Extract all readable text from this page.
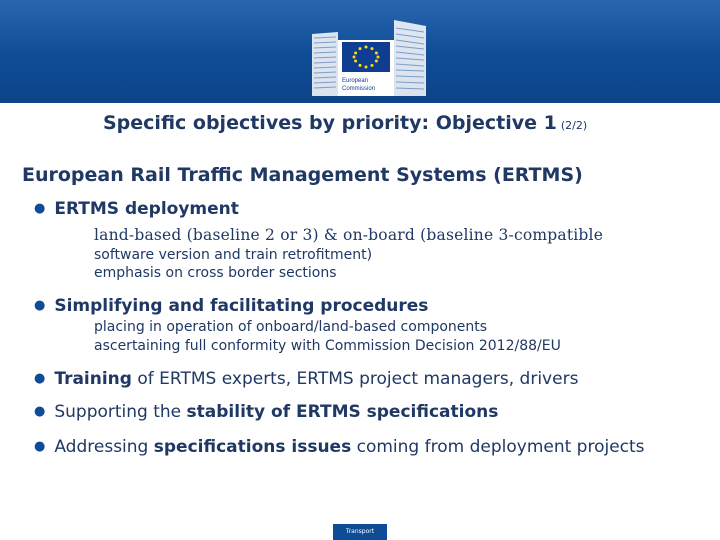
European
Commission
Specific objectives by priority: Objective 1 (2/2)
European Rail Traffic Management Systems (ERTMS)
● ERTMS deployment
land-based (baseline 2 or 3) & on-board (baseline 3-compatible
software version and train retrofitment)
emphasis on cross border sections
● Simplifying and facilitating procedures
placing in operation of onboard/land-based components
ascertaining full conformity with Commission Decision 2012/88/EU
● Training of ERTMS experts, ERTMS project managers, drivers
● Supporting the stability of ERTMS specifications
● Addressing specifications issues coming from deployment projects
Transport
